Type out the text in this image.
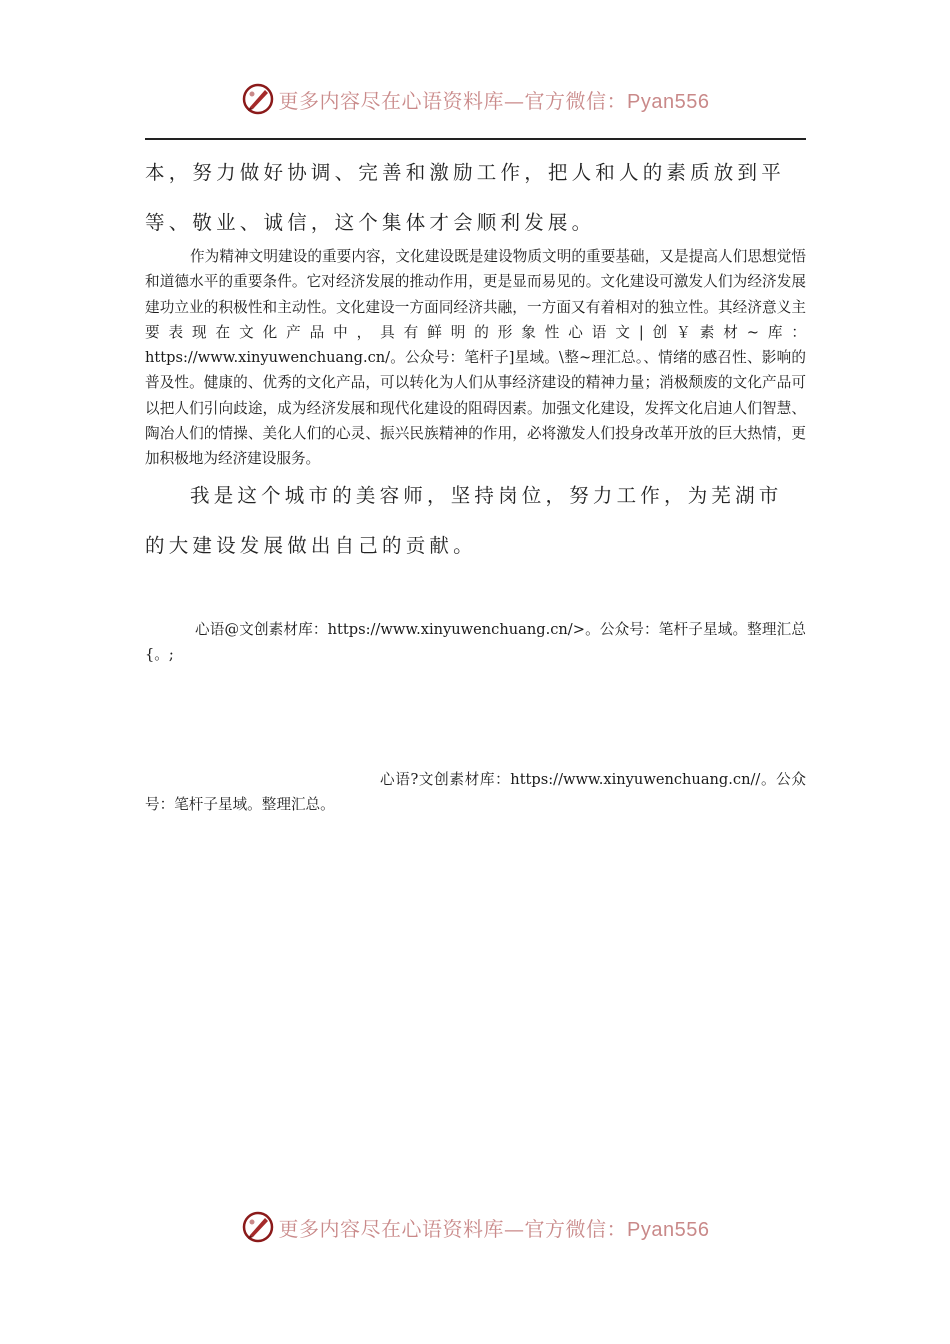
更多内容尽在心语资料库—官方微信：Pyan556

本，努力做好协调、完善和激励工作，把人和人的素质放到平等、敬业、诚信，这个集体才会顺利发展。

作为精神文明建设的重要内容，文化建设既是建设物质文明的重要基础，又是提高人们思想觉悟和道德水平的重要条件。它对经济发展的推动作用，更是显而易见的。文化建设可激发人们为经济发展建功立业的积极性和主动性。文化建设一方面同经济共融，一方面又有着相对的独立性。其经济意义主要表现在文化产品中，具有鲜明的形象性心语文|创￥素材~库：https://www.xinyuwenchuang.cn/。公众号：笔杆子]星域。\整~理汇总。、情绪的感召性、影响的普及性。健康的、优秀的文化产品，可以转化为人们从事经济建设的精神力量；消极颓废的文化产品可以把人们引向歧途，成为经济发展和现代化建设的阻碍因素。加强文化建设，发挥文化启迪人们智慧、陶冶人们的情操、美化人们的心灵、振兴民族精神的作用，必将激发人们投身改革开放的巨大热情，更加积极地为经济建设服务。

我是这个城市的美容师，坚持岗位，努力工作，为芜湖市的大建设发展做出自己的贡献。

心语@文创素材库：https://www.xinyuwenchuang.cn/>。公众号：笔杆子星域。整理汇总{。;

心语?文创素材库：https://www.xinyuwenchuang.cn//。公众号：笔杆子星域。整理汇总。

更多内容尽在心语资料库—官方微信：Pyan556
